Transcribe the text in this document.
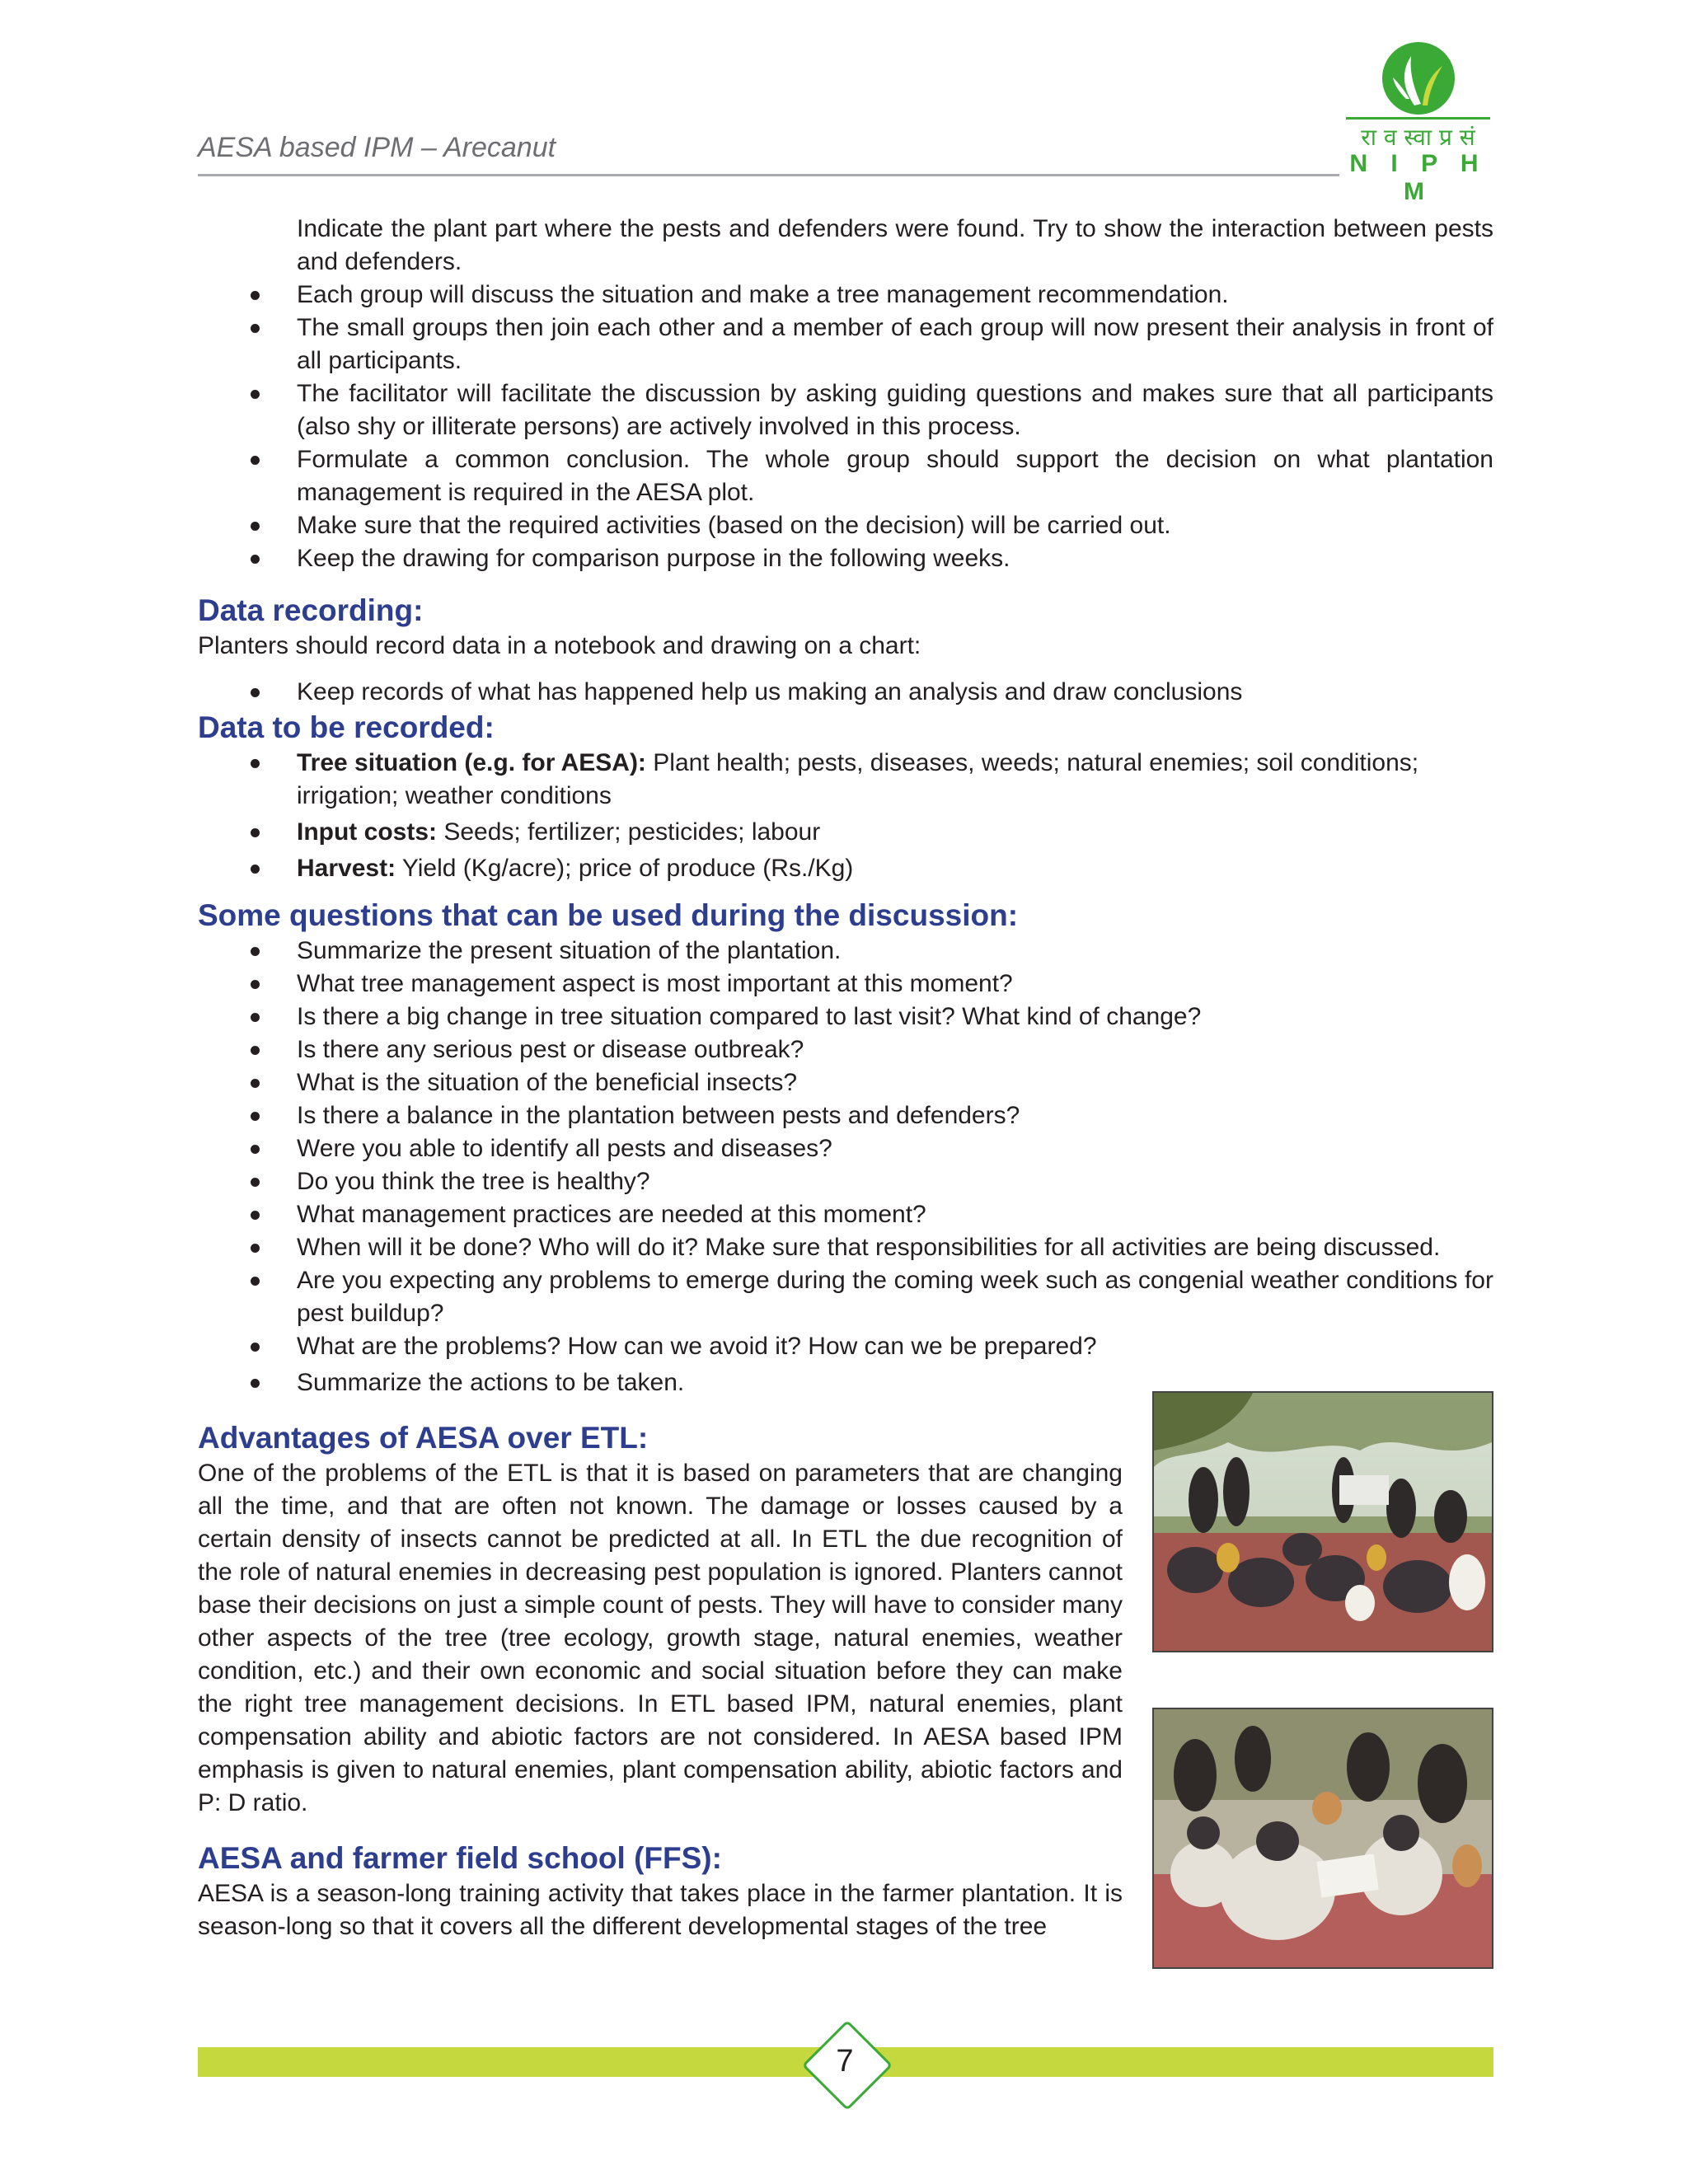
AESA based IPM – Arecanut	रा व स्वा प्र सं
N I P H M
Indicate the plant part where the pests and defenders were found. Try to show the interaction between pests and defenders.
Each group will discuss the situation and make a tree management recommendation.
The small groups then join each other and a member of each group will now present their analysis in front of all participants.
The facilitator will facilitate the discussion by asking guiding questions and makes sure that all participants (also shy or illiterate persons) are actively involved in this process.
Formulate a common conclusion. The whole group should support the decision on what plantation management is required in the AESA plot.
Make sure that the required activities (based on the decision) will be carried out.
Keep the drawing for comparison purpose in the following weeks.
Data recording:
Planters should record data in a notebook and drawing on a chart:
Keep records of what has happened help us making an analysis and draw conclusions
Data to be recorded:
Tree situation (e.g. for AESA): Plant health; pests, diseases, weeds; natural enemies; soil conditions; irrigation; weather conditions
Input costs: Seeds; fertilizer; pesticides; labour
Harvest: Yield (Kg/acre); price of produce (Rs./Kg)
Some questions that can be used during the discussion:
Summarize the present situation of the plantation.
What tree management aspect is most important at this moment?
Is there a big change in tree situation compared to last visit? What kind of change?
Is there any serious pest or disease outbreak?
What is the situation of the beneficial insects?
Is there a balance in the plantation between pests and defenders?
Were you able to identify all pests and diseases?
Do you think the tree is healthy?
What management practices are needed at this moment?
When will it be done? Who will do it? Make sure that responsibilities for all activities are being discussed.
Are you expecting any problems to emerge during the coming week such as congenial weather conditions for pest buildup?
What are the problems? How can we avoid it? How can we be prepared?
Summarize the actions to be taken.
Advantages of AESA over ETL:
One of the problems of the ETL is that it is based on parameters that are changing all the time, and that are often not known. The damage or losses caused by a certain density of insects cannot be predicted at all. In ETL the due recognition of the role of natural enemies in decreasing pest population is ignored. Planters cannot base their decisions on just a simple count of pests. They will have to consider many other aspects of the tree (tree ecology, growth stage, natural enemies, weather condition, etc.) and their own economic and social situation before they can make the right tree management decisions. In ETL based IPM, natural enemies, plant compensation ability and abiotic factors are not considered. In AESA based IPM emphasis is given to natural enemies, plant compensation ability, abiotic factors and P: D ratio.
AESA and farmer field school (FFS):
AESA is a season-long training activity that takes place in the farmer plantation. It is season-long so that it covers all the different developmental stages of the tree
7
